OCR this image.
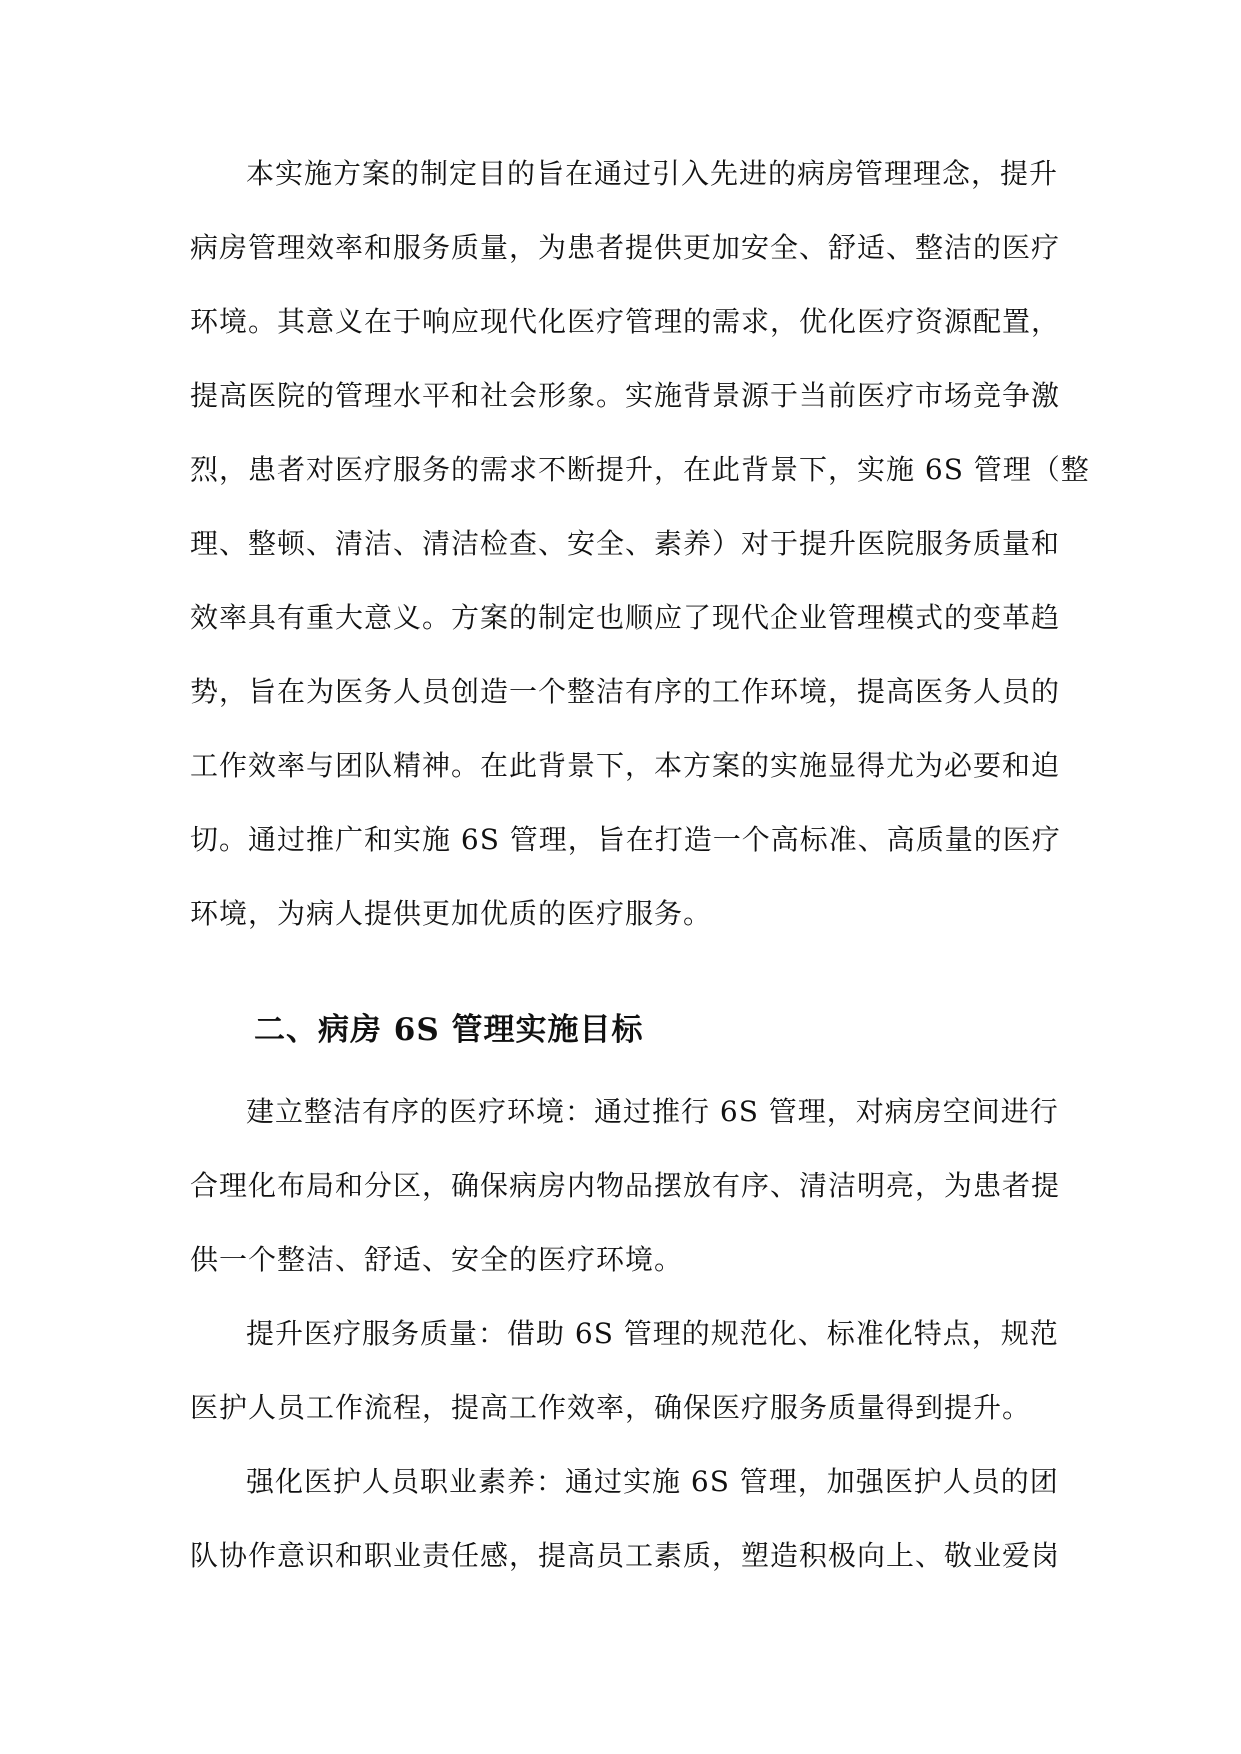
本实施方案的制定目的旨在通过引入先进的病房管理理念，提升
病房管理效率和服务质量，为患者提供更加安全、舒适、整洁的医疗
环境。其意义在于响应现代化医疗管理的需求，优化医疗资源配置，
提高医院的管理水平和社会形象。实施背景源于当前医疗市场竞争激
烈，患者对医疗服务的需求不断提升，在此背景下，实施 6S 管理（整
理、整顿、清洁、清洁检查、安全、素养）对于提升医院服务质量和
效率具有重大意义。方案的制定也顺应了现代企业管理模式的变革趋
势，旨在为医务人员创造一个整洁有序的工作环境，提高医务人员的
工作效率与团队精神。在此背景下，本方案的实施显得尤为必要和迫
切。通过推广和实施 6S 管理，旨在打造一个高标准、高质量的医疗
环境，为病人提供更加优质的医疗服务。
二、病房 6S 管理实施目标
建立整洁有序的医疗环境：通过推行 6S 管理，对病房空间进行
合理化布局和分区，确保病房内物品摆放有序、清洁明亮，为患者提
供一个整洁、舒适、安全的医疗环境。
提升医疗服务质量：借助 6S 管理的规范化、标准化特点，规范
医护人员工作流程，提高工作效率，确保医疗服务质量得到提升。
强化医护人员职业素养：通过实施 6S 管理，加强医护人员的团
队协作意识和职业责任感，提高员工素质，塑造积极向上、敬业爱岗
